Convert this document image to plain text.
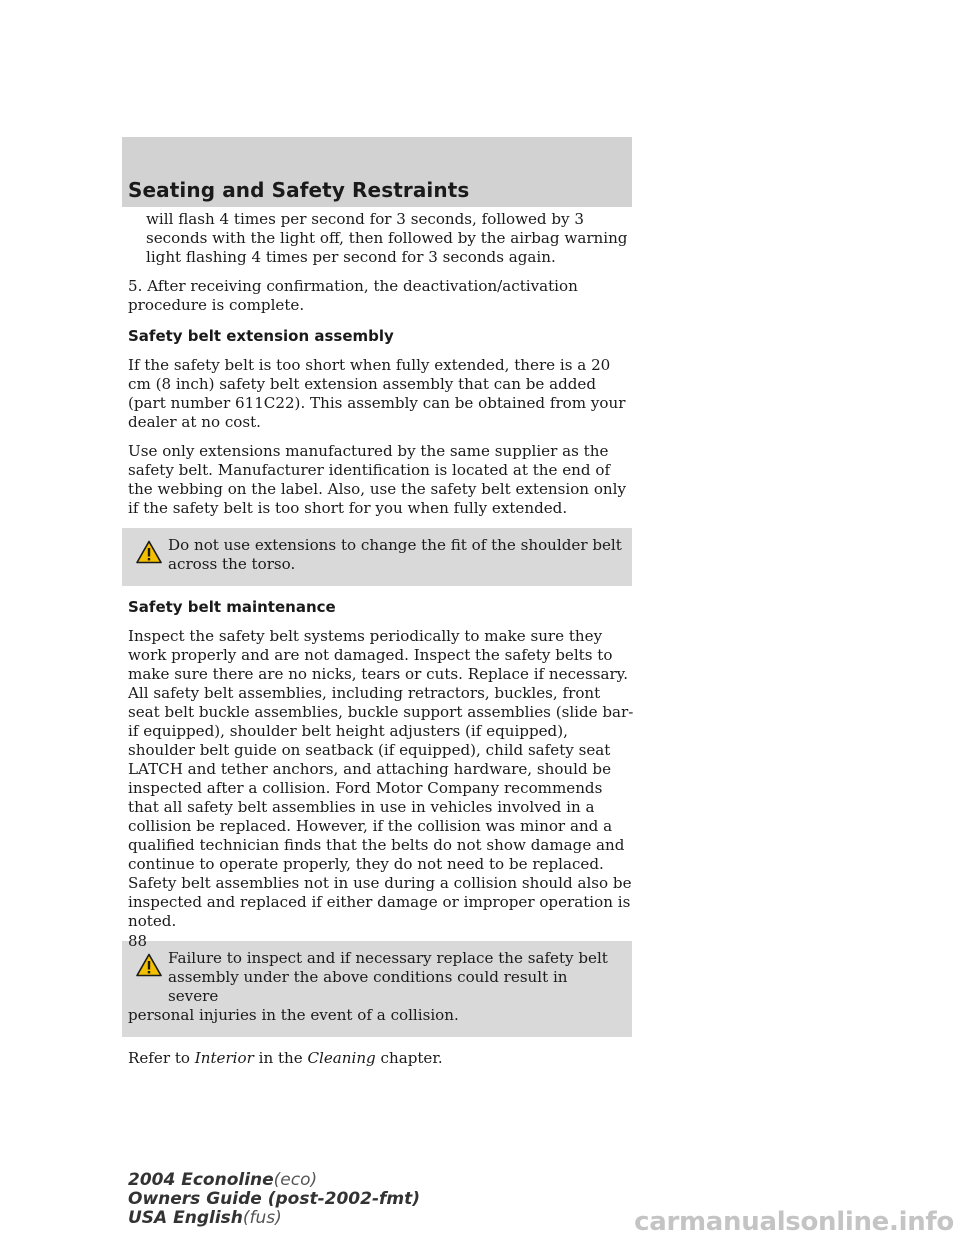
Seating and Safety Restraints

will flash 4 times per second for 3 seconds, followed by 3 seconds with the light off, then followed by the airbag warning light flashing 4 times per second for 3 seconds again.

5. After receiving confirmation, the deactivation/activation procedure is complete.

Safety belt extension assembly

If the safety belt is too short when fully extended, there is a 20 cm (8 inch) safety belt extension assembly that can be added (part number 611C22). This assembly can be obtained from your dealer at no cost.

Use only extensions manufactured by the same supplier as the safety belt. Manufacturer identification is located at the end of the webbing on the label. Also, use the safety belt extension only if the safety belt is too short for you when fully extended.

Do not use extensions to change the fit of the shoulder belt

across the torso.

Safety belt maintenance

Inspect the safety belt systems periodically to make sure they work properly and are not damaged. Inspect the safety belts to make sure there are no nicks, tears or cuts. Replace if necessary. All safety belt assemblies, including retractors, buckles, front seat belt buckle assemblies, buckle support assemblies (slide bar-if equipped), shoulder belt height adjusters (if equipped), shoulder belt guide on seatback (if equipped), child safety seat LATCH and tether anchors, and attaching hardware, should be inspected after a collision. Ford Motor Company recommends that all safety belt assemblies in use in vehicles involved in a collision be replaced. However, if the collision was minor and a qualified technician finds that the belts do not show damage and continue to operate properly, they do not need to be replaced. Safety belt assemblies not in use during a collision should also be inspected and replaced if either damage or improper operation is noted.

Failure to inspect and if necessary replace the safety belt

assembly under the above conditions could result in severe

personal injuries in the event of a collision.

Refer to Interior in the Cleaning chapter.

88
2004 Econoline(eco)
Owners Guide (post-2002-fmt)
USA English(fus)	carmanualsonline.info
